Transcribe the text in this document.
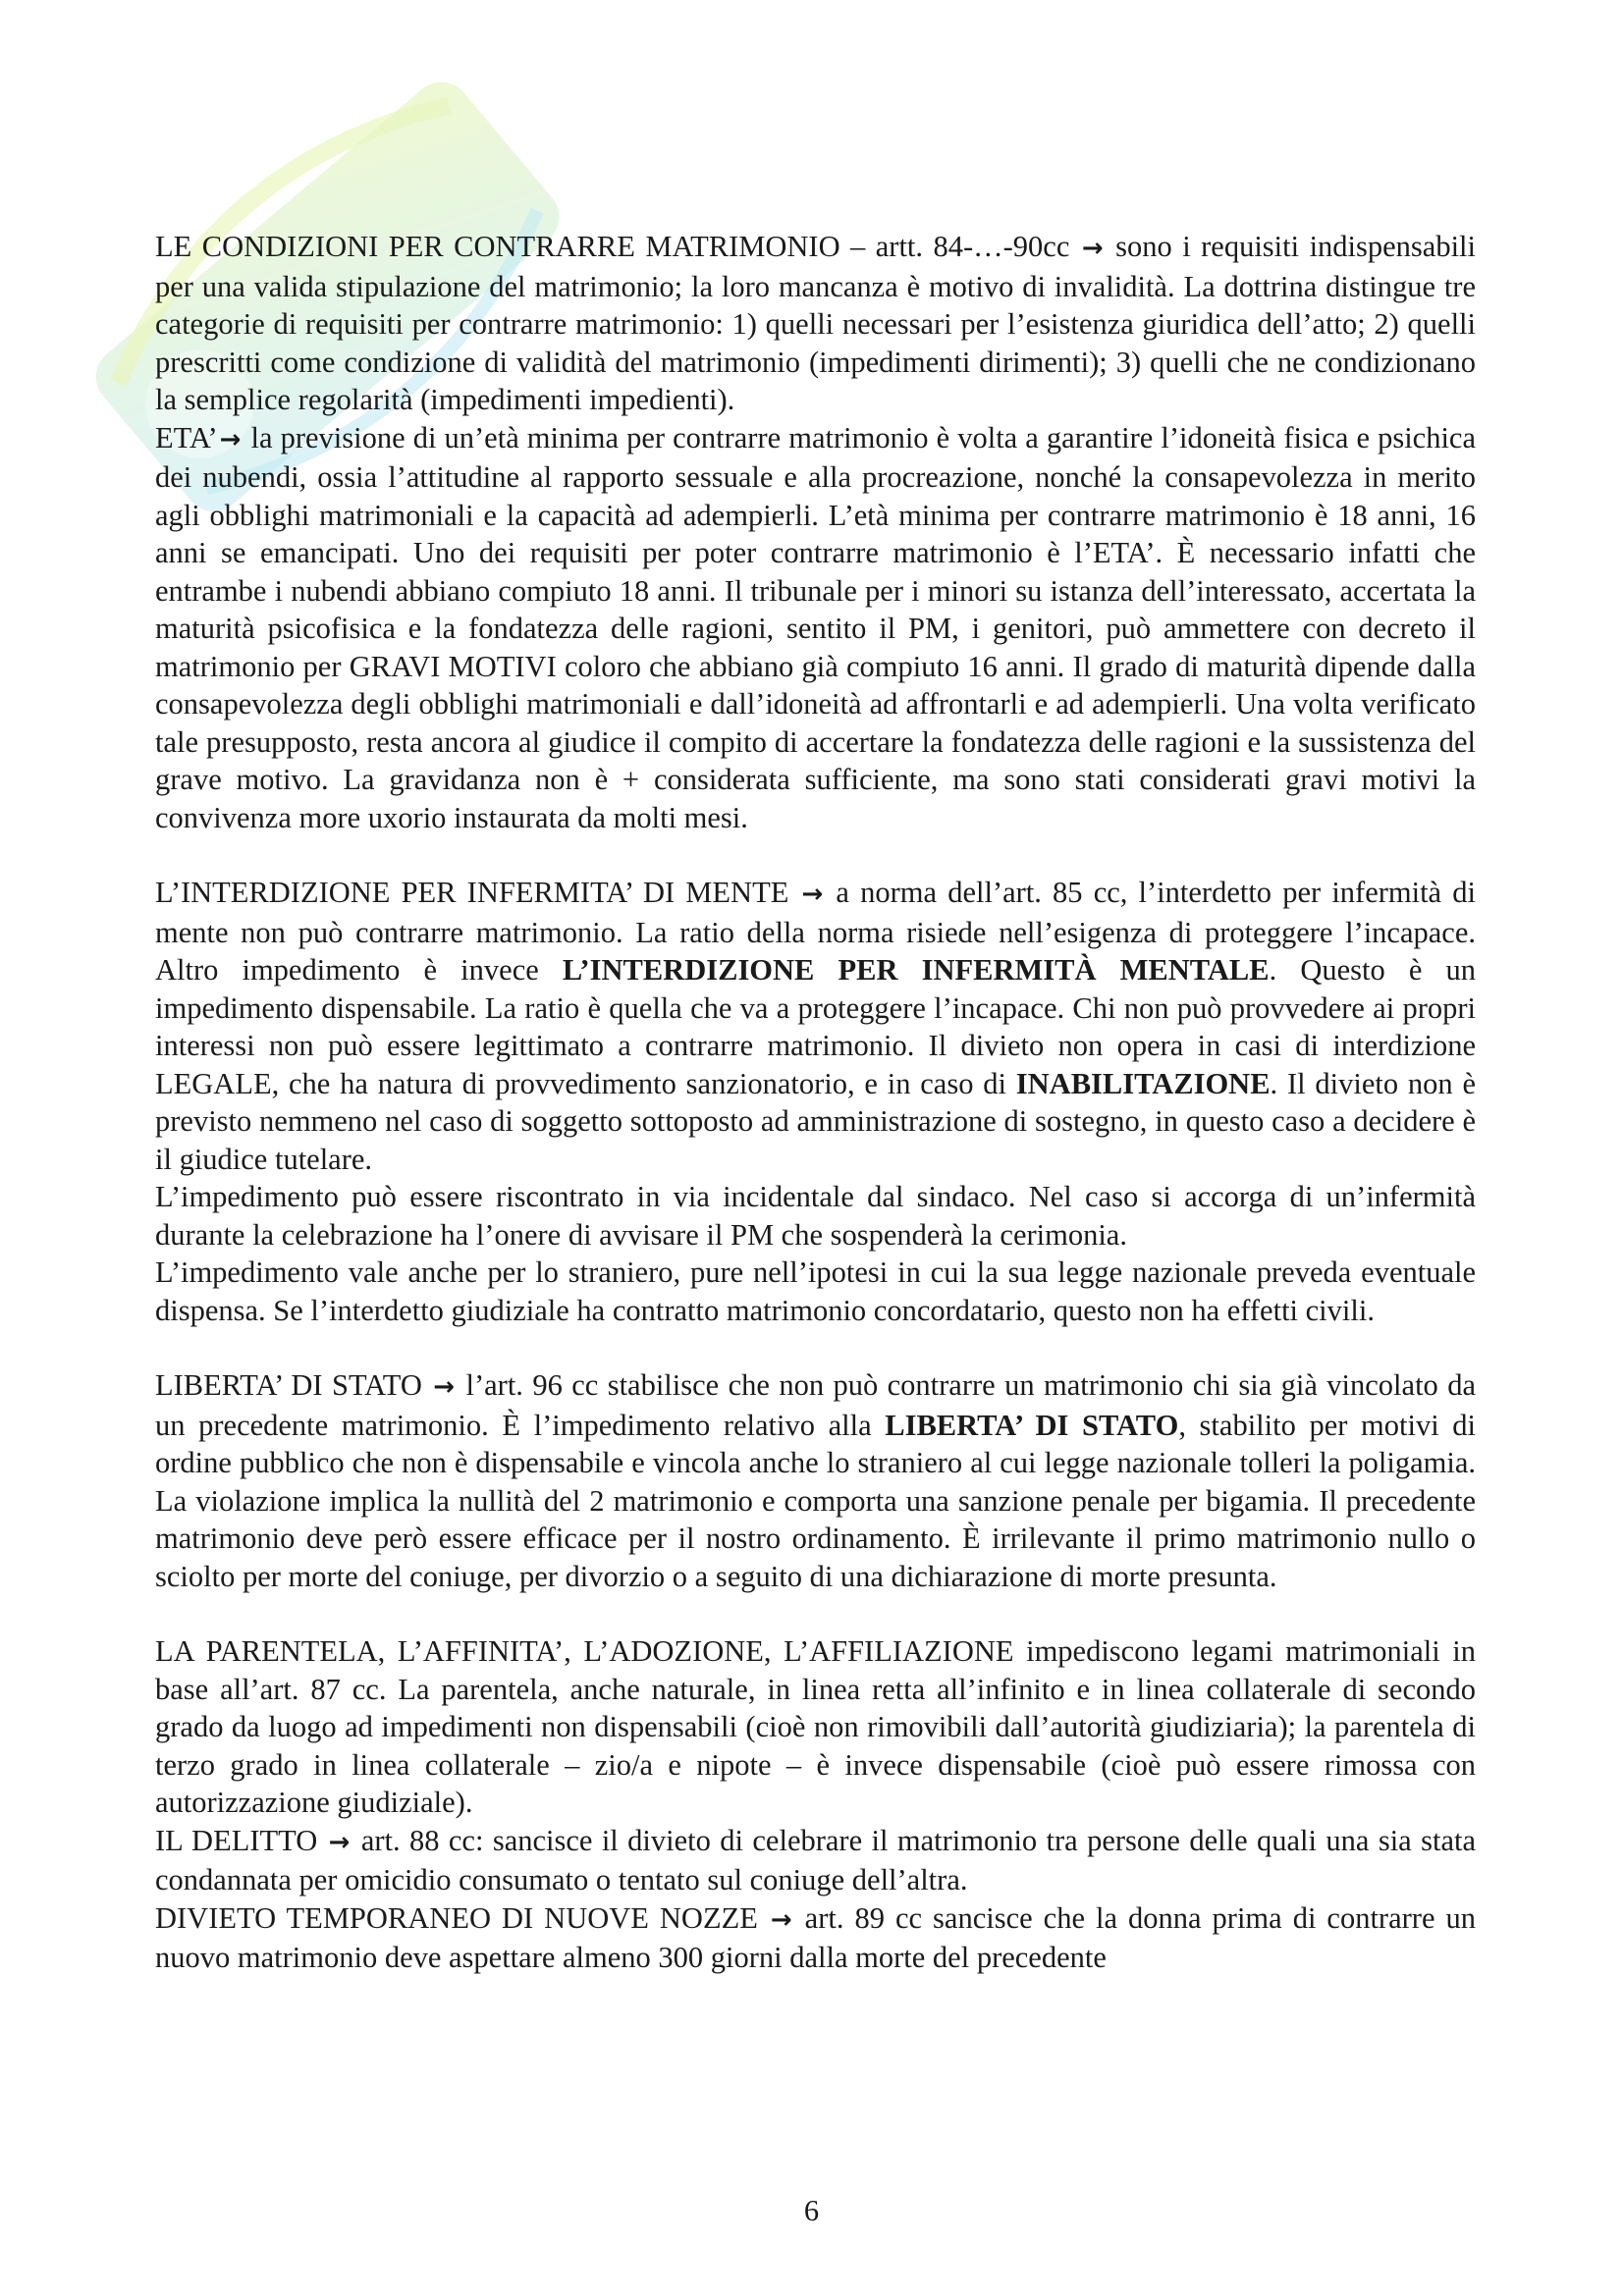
LE CONDIZIONI PER CONTRARRE MATRIMONIO – artt. 84-…-90cc → sono i requisiti indispensabili per una valida stipulazione del matrimonio; la loro mancanza è motivo di invalidità. La dottrina distingue tre categorie di requisiti per contrarre matrimonio: 1) quelli necessari per l’esistenza giuridica dell’atto; 2) quelli prescritti come condizione di validità del matrimonio (impedimenti dirimenti); 3) quelli che ne condizionano la semplice regolarità (impedimenti impedienti).

ETA’→ la previsione di un’età minima per contrarre matrimonio è volta a garantire l’idoneità fisica e psichica dei nubendi, ossia l’attitudine al rapporto sessuale e alla procreazione, nonché la consapevolezza in merito agli obblighi matrimoniali e la capacità ad adempierli. L’età minima per contrarre matrimonio è 18 anni, 16 anni se emancipati. Uno dei requisiti per poter contrarre matrimonio è l’ETA’. È necessario infatti che entrambe i nubendi abbiano compiuto 18 anni. Il tribunale per i minori su istanza dell’interessato, accertata la maturità psicofisica e la fondatezza delle ragioni, sentito il PM, i genitori, può ammettere con decreto il matrimonio per GRAVI MOTIVI coloro che abbiano già compiuto 16 anni. Il grado di maturità dipende dalla consapevolezza degli obblighi matrimoniali e dall’idoneità ad affrontarli e ad adempierli. Una volta verificato tale presupposto, resta ancora al giudice il compito di accertare la fondatezza delle ragioni e la sussistenza del grave motivo. La gravidanza non è + considerata sufficiente, ma sono stati considerati gravi motivi la convivenza more uxorio instaurata da molti mesi.

L’INTERDIZIONE PER INFERMITA’ DI MENTE → a norma dell’art. 85 cc, l’interdetto per infermità di mente non può contrarre matrimonio. La ratio della norma risiede nell’esigenza di proteggere l’incapace. Altro impedimento è invece L’INTERDIZIONE PER INFERMITÀ MENTALE. Questo è un impedimento dispensabile. La ratio è quella che va a proteggere l’incapace. Chi non può provvedere ai propri interessi non può essere legittimato a contrarre matrimonio. Il divieto non opera in casi di interdizione LEGALE, che ha natura di provvedimento sanzionatorio, e in caso di INABILITAZIONE. Il divieto non è previsto nemmeno nel caso di soggetto sottoposto ad amministrazione di sostegno, in questo caso a decidere è il giudice tutelare.

L’impedimento può essere riscontrato in via incidentale dal sindaco. Nel caso si accorga di un’infermità durante la celebrazione ha l’onere di avvisare il PM che sospenderà la cerimonia.

L’impedimento vale anche per lo straniero, pure nell’ipotesi in cui la sua legge nazionale preveda eventuale dispensa. Se l’interdetto giudiziale ha contratto matrimonio concordatario, questo non ha effetti civili.

LIBERTA’ DI STATO → l’art. 96 cc stabilisce che non può contrarre un matrimonio chi sia già vincolato da un precedente matrimonio. È l’impedimento relativo alla LIBERTA’ DI STATO, stabilito per motivi di ordine pubblico che non è dispensabile e vincola anche lo straniero al cui legge nazionale tolleri la poligamia. La violazione implica la nullità del 2 matrimonio e comporta una sanzione penale per bigamia. Il precedente matrimonio deve però essere efficace per il nostro ordinamento. È irrilevante il primo matrimonio nullo o sciolto per morte del coniuge, per divorzio o a seguito di una dichiarazione di morte presunta.

LA PARENTELA, L’AFFINITA’, L’ADOZIONE, L’AFFILIAZIONE impediscono legami matrimoniali in base all’art. 87 cc. La parentela, anche naturale, in linea retta all’infinito e in linea collaterale di secondo grado da luogo ad impedimenti non dispensabili (cioè non rimovibili dall’autorità giudiziaria); la parentela di terzo grado in linea collaterale – zio/a e nipote – è invece dispensabile (cioè può essere rimossa con autorizzazione giudiziale).

IL DELITTO → art. 88 cc: sancisce il divieto di celebrare il matrimonio tra persone delle quali una sia stata condannata per omicidio consumato o tentato sul coniuge dell’altra.

DIVIETO TEMPORANEO DI NUOVE NOZZE → art. 89 cc sancisce che la donna prima di contrarre un nuovo matrimonio deve aspettare almeno 300 giorni dalla morte del precedente

6
